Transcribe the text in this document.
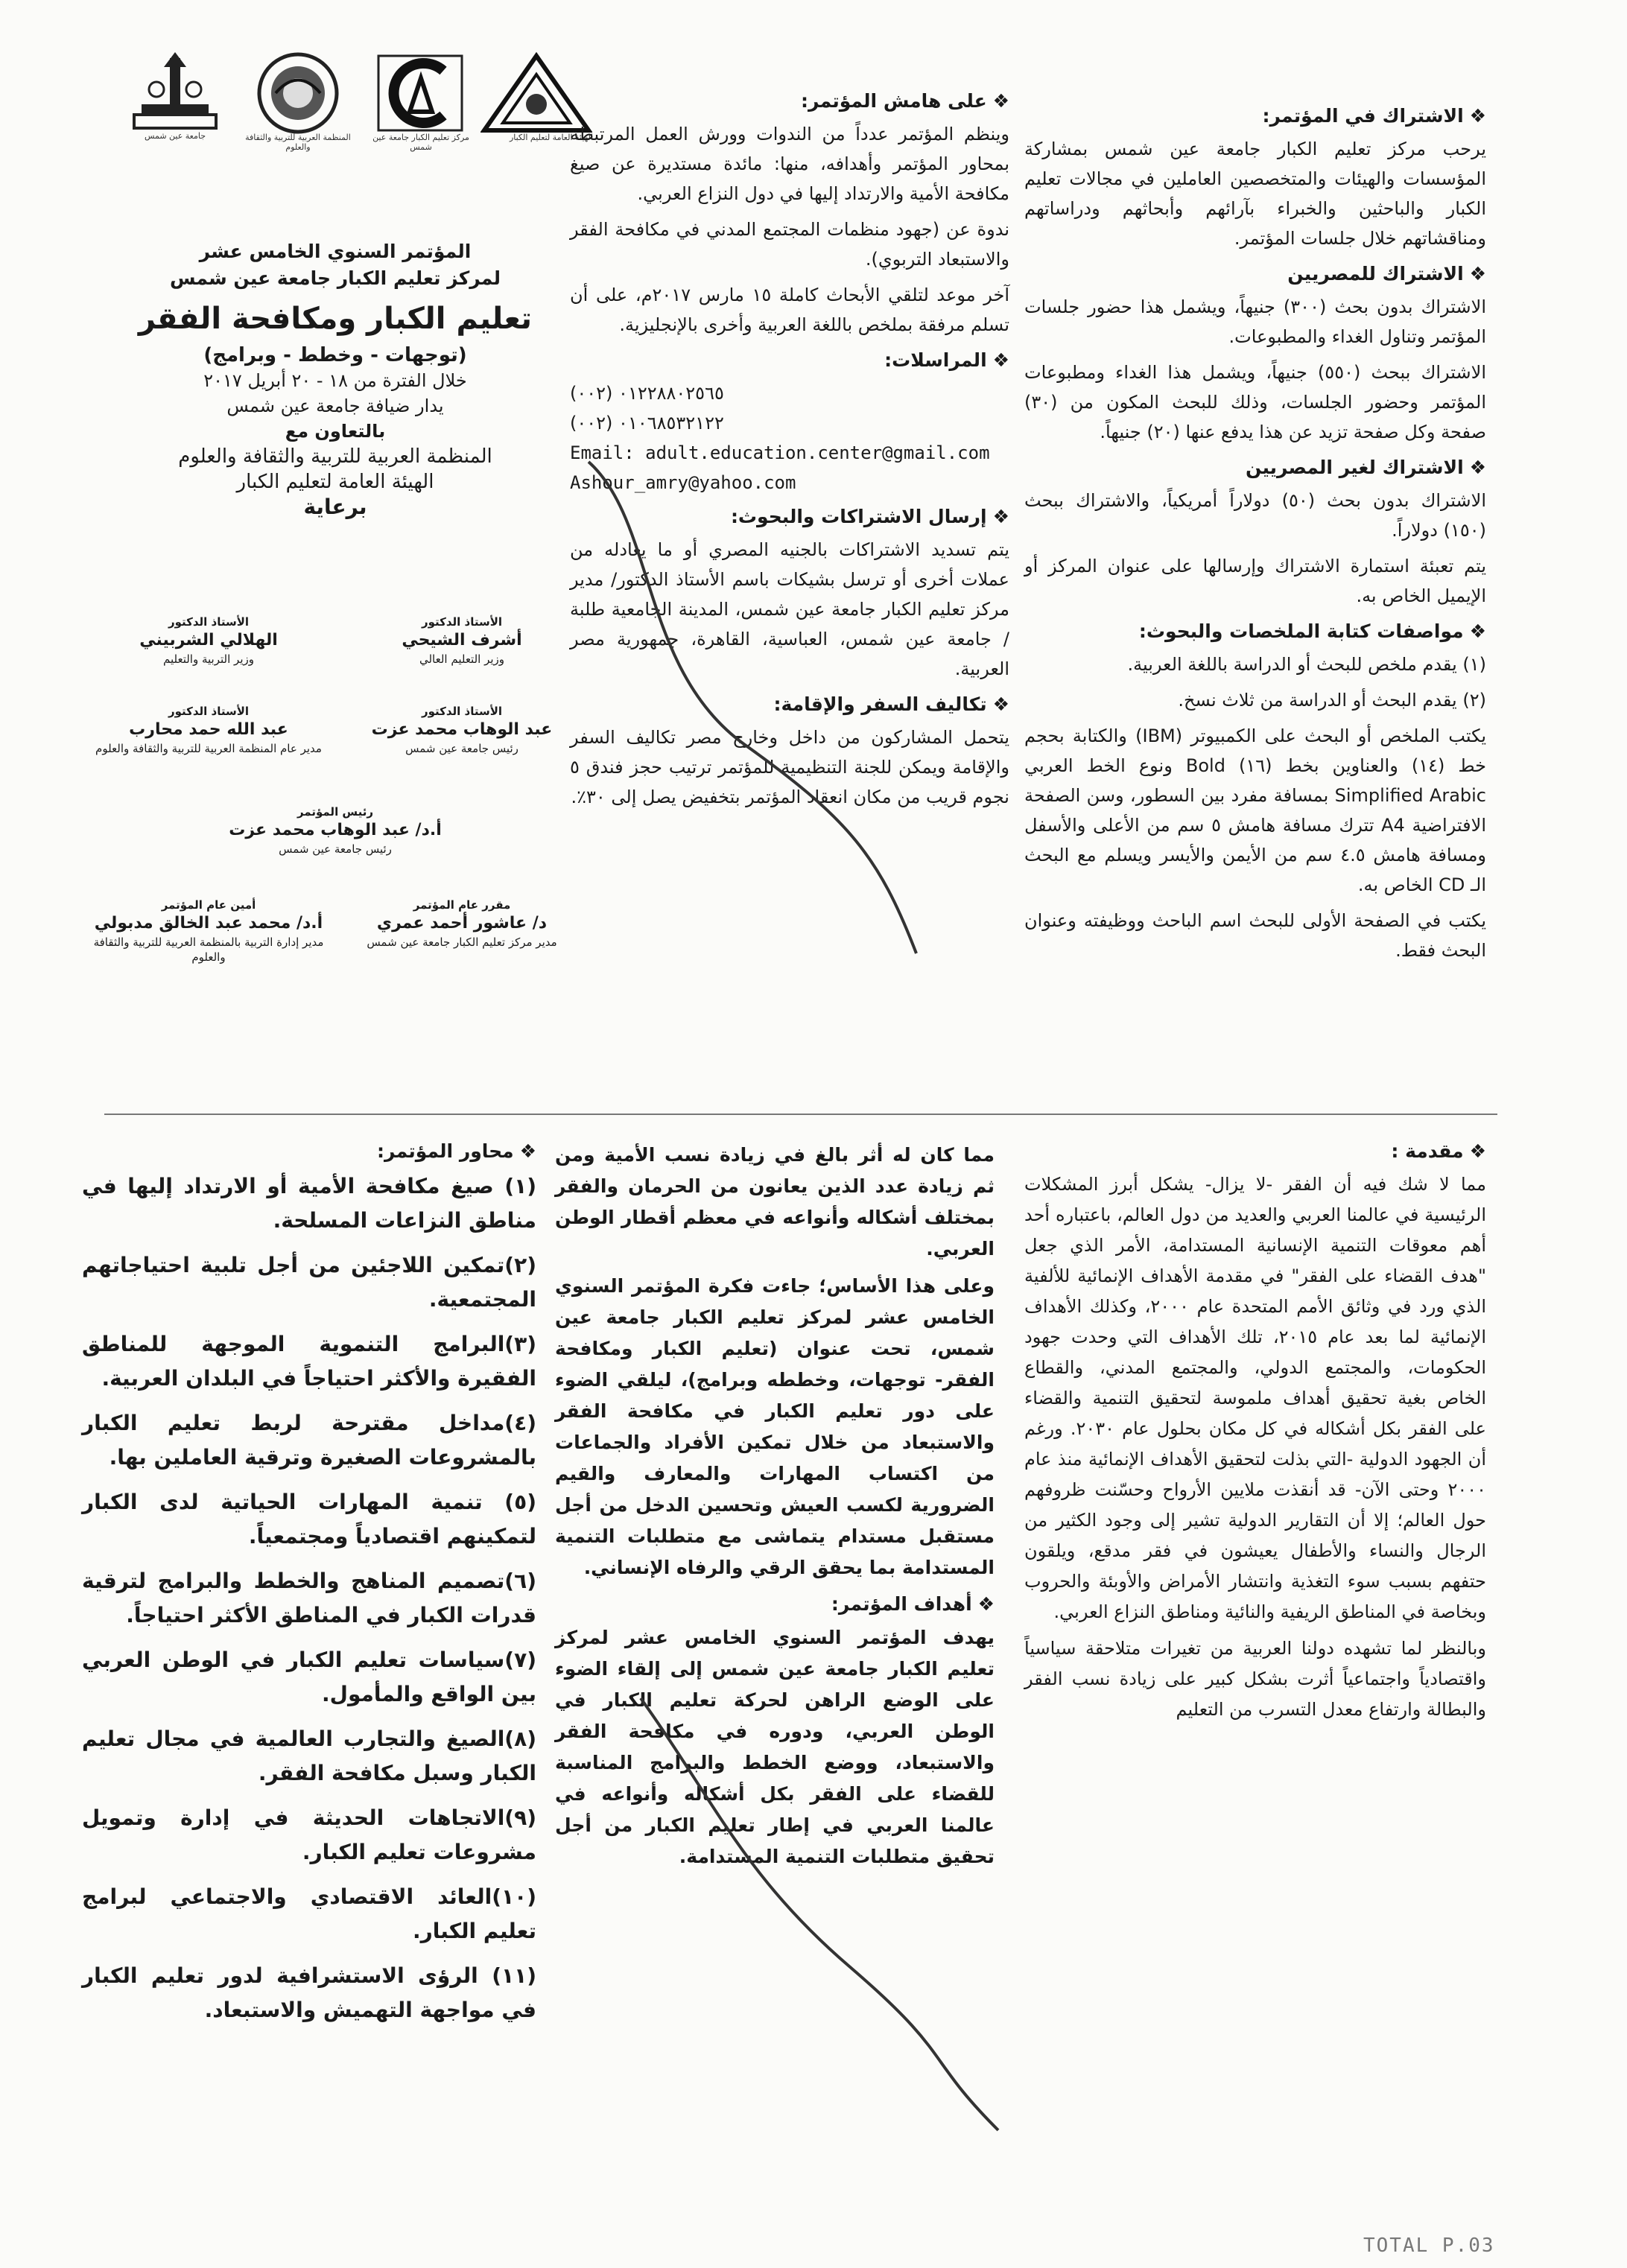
جامعة عين شمس	المنظمة العربية للتربية والثقافة والعلوم
مركز تعليم الكبار جامعة عين شمس
الهيئة العامة لتعليم الكبار

المؤتمر السنوي الخامس عشر

لمركز تعليم الكبار جامعة عين شمس

تعليم الكبار ومكافحة الفقر

(توجهات - وخطط - وبرامج)

خلال الفترة من ١٨ - ٢٠ أبريل ٢٠١٧

يدار ضيافة جامعة عين شمس

بالتعاون مع

المنظمة العربية للتربية والثقافة والعلوم

الهيئة العامة لتعليم الكبار

برعاية

الأستاذ الدكتور

أشرف الشيحي

وزير التعليم العالي

الأستاذ الدكتور

الهلالي الشربيني

وزير التربية والتعليم

الأستاذ الدكتور

عبد الوهاب محمد عزت

رئيس جامعة عين شمس

الأستاذ الدكتور

عبد الله حمد محارب

مدير عام المنظمة العربية للتربية والثقافة والعلوم

رئيس المؤتمر

أ.د/ عبد الوهاب محمد عزت

رئيس جامعة عين شمس

مقرر عام المؤتمر

د/ عاشور أحمد عمري

مدير مركز تعليم الكبار جامعة عين شمس

أمين عام المؤتمر

أ.د/ محمد عبد الخالق مدبولي

مدير إدارة التربية بالمنظمة العربية للتربية والثقافة والعلوم

❖ الاشتراك في المؤتمر:

يرحب مركز تعليم الكبار جامعة عين شمس بمشاركة المؤسسات والهيئات والمتخصصين العاملين في مجالات تعليم الكبار والباحثين والخبراء بآرائهم وأبحاثهم ودراساتهم ومناقشاتهم خلال جلسات المؤتمر.

❖ الاشتراك للمصريين

الاشتراك بدون بحث (٣٠٠) جنيهاً، ويشمل هذا حضور جلسات المؤتمر وتناول الغداء والمطبوعات.

الاشتراك ببحث (٥٥٠) جنيهاً، ويشمل هذا الغداء ومطبوعات المؤتمر وحضور الجلسات، وذلك للبحث المكون من (٣٠) صفحة وكل صفحة تزيد عن هذا يدفع عنها (٢٠) جنيهاً.

❖ الاشتراك لغير المصريين

الاشتراك بدون بحث (٥٠) دولاراً أمريكياً، والاشتراك ببحث (١٥٠) دولاراً.

يتم تعبئة استمارة الاشتراك وإرسالها على عنوان المركز أو الإيميل الخاص به.

❖ مواصفات كتابة الملخصات والبحوث:

(١) يقدم ملخص للبحث أو الدراسة باللغة العربية.

(٢) يقدم البحث أو الدراسة من ثلاث نسخ.

يكتب الملخص أو البحث على الكمبيوتر (IBM) والكتابة بحجم خط (١٤) والعناوين بخط (١٦) Bold ونوع الخط العربي Simplified Arabic بمسافة مفرد بين السطور، وسن الصفحة الافتراضية A4 تترك مسافة هامش ٥ سم من الأعلى والأسفل ومسافة هامش ٤.٥ سم من الأيمن والأيسر ويسلم مع البحث الـ CD الخاص به.

يكتب في الصفحة الأولى للبحث اسم الباحث ووظيفته وعنوان البحث فقط.

❖ على هامش المؤتمر:

وينظم المؤتمر عدداً من الندوات وورش العمل المرتبطة بمحاور المؤتمر وأهدافه، منها: مائدة مستديرة عن صيغ مكافحة الأمية والارتداد إليها في دول النزاع العربي.

ندوة عن (جهود منظمات المجتمع المدني في مكافحة الفقر والاستبعاد التربوي).

آخر موعد لتلقي الأبحاث كاملة ١٥ مارس ٢٠١٧م، على أن تسلم مرفقة بملخص باللغة العربية وأخرى بالإنجليزية.

❖ المراسلات:

(٠٠٢) ٠١٢٢٨٨٠٢٥٦٥

(٠٠٢) ٠١٠٦٨٥٣٢١٢٢

Email: adult.education.center@gmail.com

Ashour_amry@yahoo.com

❖ إرسال الاشتراكات والبحوث:

يتم تسديد الاشتراكات بالجنيه المصري أو ما يعادله من عملات أخرى أو ترسل بشيكات باسم الأستاذ الدكتور/ مدير مركز تعليم الكبار جامعة عين شمس، المدينة الجامعية طلبة / جامعة عين شمس، العباسية، القاهرة، جمهورية مصر العربية.

❖ تكاليف السفر والإقامة:

يتحمل المشاركون من داخل وخارج مصر تكاليف السفر والإقامة ويمكن للجنة التنظيمية للمؤتمر ترتيب حجز فندق ٥ نجوم قريب من مكان انعقاد المؤتمر بتخفيض يصل إلى ٣٠٪.

❖ مقدمة :

مما لا شك فيه أن الفقر -لا يزال- يشكل أبرز المشكلات الرئيسية في عالمنا العربي والعديد من دول العالم، باعتباره أحد أهم معوقات التنمية الإنسانية المستدامة، الأمر الذي جعل "هدف القضاء على الفقر" في مقدمة الأهداف الإنمائية للألفية الذي ورد في وثائق الأمم المتحدة عام ٢٠٠٠، وكذلك الأهداف الإنمائية لما بعد عام ٢٠١٥، تلك الأهداف التي وحدت جهود الحكومات، والمجتمع الدولي، والمجتمع المدني، والقطاع الخاص بغية تحقيق أهداف ملموسة لتحقيق التنمية والقضاء على الفقر بكل أشكاله في كل مكان بحلول عام ٢٠٣٠. ورغم أن الجهود الدولية -التي بذلت لتحقيق الأهداف الإنمائية منذ عام ٢٠٠٠ وحتى الآن- قد أنقذت ملايين الأرواح وحسّنت ظروفهم حول العالم؛ إلا أن التقارير الدولية تشير إلى وجود الكثير من الرجال والنساء والأطفال يعيشون في فقر مدقع، ويلقون حتفهم بسبب سوء التغذية وانتشار الأمراض والأوبئة والحروب وبخاصة في المناطق الريفية والنائية ومناطق النزاع العربي.

وبالنظر لما تشهده دولنا العربية من تغيرات متلاحقة سياسياً واقتصادياً واجتماعياً أثرت بشكل كبير على زيادة نسب الفقر والبطالة وارتفاع معدل التسرب من التعليم

مما كان له أثر بالغ في زيادة نسب الأمية ومن ثم زيادة عدد الذين يعانون من الحرمان والفقر بمختلف أشكاله وأنواعه في معظم أقطار الوطن العربي.

وعلى هذا الأساس؛ جاءت فكرة المؤتمر السنوي الخامس عشر لمركز تعليم الكبار جامعة عين شمس، تحت عنوان (تعليم الكبار ومكافحة الفقر- توجهات، وخططه وبرامج)، ليلقي الضوء على دور تعليم الكبار في مكافحة الفقر والاستبعاد من خلال تمكين الأفراد والجماعات من اكتساب المهارات والمعارف والقيم الضرورية لكسب العيش وتحسين الدخل من أجل مستقبل مستدام يتماشى مع متطلبات التنمية المستدامة بما يحقق الرقي والرفاه الإنساني.

❖ أهداف المؤتمر:

يهدف المؤتمر السنوي الخامس عشر لمركز تعليم الكبار جامعة عين شمس إلى إلقاء الضوء على الوضع الراهن لحركة تعليم الكبار في الوطن العربي، ودوره في مكافحة الفقر والاستبعاد، ووضع الخطط والبرامج المناسبة للقضاء على الفقر بكل أشكاله وأنواعه في عالمنا العربي في إطار تعليم الكبار من أجل تحقيق متطلبات التنمية المستدامة.

❖ محاور المؤتمر:

(١) صيغ مكافحة الأمية أو الارتداد إليها في مناطق النزاعات المسلحة.

(٢)تمكين اللاجئين من أجل تلبية احتياجاتهم المجتمعية.

(٣)البرامج التنموية الموجهة للمناطق الفقيرة والأكثر احتياجاً في البلدان العربية.

(٤)مداخل مقترحة لربط تعليم الكبار بالمشروعات الصغيرة وترقية العاملين بها.

(٥) تنمية المهارات الحياتية لدى الكبار لتمكينهم اقتصادياً ومجتمعياً.

(٦)تصميم المناهج والخطط والبرامج لترقية قدرات الكبار في المناطق الأكثر احتياجاً.

(٧)سياسات تعليم الكبار في الوطن العربي بين الواقع والمأمول.

(٨)الصيغ والتجارب العالمية في مجال تعليم الكبار وسبل مكافحة الفقر.

(٩)الاتجاهات الحديثة في إدارة وتمويل مشروعات تعليم الكبار.

(١٠)العائد الاقتصادي والاجتماعي لبرامج تعليم الكبار.

(١١) الرؤى الاستشرافية لدور تعليم الكبار في مواجهة التهميش والاستبعاد.

TOTAL P.03
